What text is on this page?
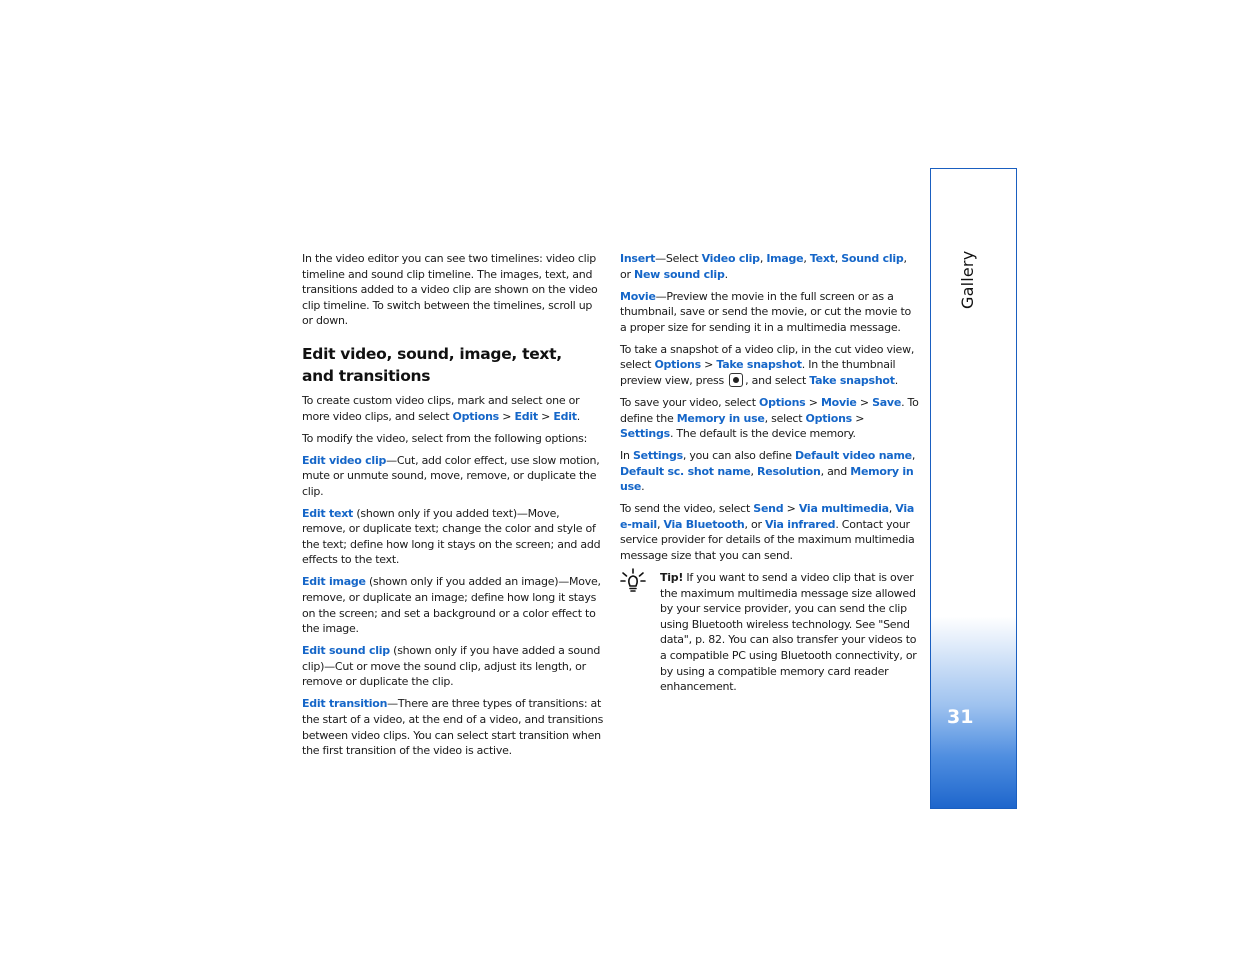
In the video editor you can see two timelines: video clip timeline and sound clip timeline. The images, text, and transitions added to a video clip are shown on the video clip timeline. To switch between the timelines, scroll up or down.

Edit video, sound, image, text,
and transitions

To create custom video clips, mark and select one or more video clips, and select Options > Edit > Edit.

To modify the video, select from the following options:

Edit video clip—Cut, add color effect, use slow motion, mute or unmute sound, move, remove, or duplicate the clip.

Edit text (shown only if you added text)—Move, remove, or duplicate text; change the color and style of the text; define how long it stays on the screen; and add effects to the text.

Edit image (shown only if you added an image)—Move, remove, or duplicate an image; define how long it stays on the screen; and set a background or a color effect to the image.

Edit sound clip (shown only if you have added a sound clip)—Cut or move the sound clip, adjust its length, or remove or duplicate the clip.

Edit transition—There are three types of transitions: at the start of a video, at the end of a video, and transitions between video clips. You can select start transition when the first transition of the video is active.

Insert—Select Video clip, Image, Text, Sound clip, or New sound clip.

Movie—Preview the movie in the full screen or as a thumbnail, save or send the movie, or cut the movie to a proper size for sending it in a multimedia message.

To take a snapshot of a video clip, in the cut video view, select Options > Take snapshot. In the thumbnail preview view, press , and select Take snapshot.

To save your video, select Options > Movie > Save. To define the Memory in use, select Options > Settings. The default is the device memory.

In Settings, you can also define Default video name, Default sc. shot name, Resolution, and Memory in use.

To send the video, select Send > Via multimedia, Via e-mail, Via Bluetooth, or Via infrared. Contact your service provider for details of the maximum multimedia message size that you can send.

Tip! If you want to send a video clip that is over the maximum multimedia message size allowed by your service provider, you can send the clip using Bluetooth wireless technology. See "Send data", p. 82. You can also transfer your videos to a compatible PC using Bluetooth connectivity, or by using a compatible memory card reader enhancement.

Gallery
31
